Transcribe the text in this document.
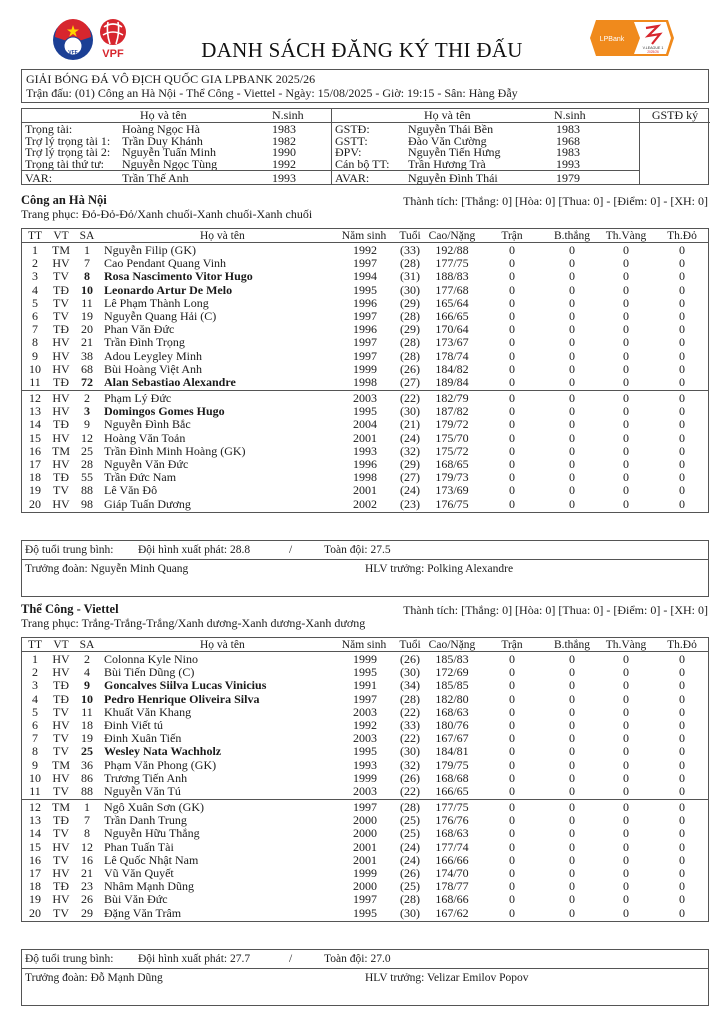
VFF VPF	DANH SÁCH ĐĂNG KÝ THI ĐẤU	LPBank
V.LEAGUE 1
2025/26
GIẢI BÓNG ĐÁ VÔ ĐỊCH QUỐC GIA LPBANK 2025/26
Trận đấu: (01) Công an Hà Nội - Thể Công - Viettel - Ngày: 15/08/2025 - Giờ: 19:15 - Sân: Hàng Đẫy
Họ và tên	N.sinh
Trọng tài:	Hoàng Ngọc Hà	1983
Trợ lý trọng tài 1: Trần Duy Khánh	1982
Trợ lý trọng tài 2: Nguyễn Tuấn Minh	1990
Trọng tài thứ tư: Nguyễn Ngọc Tùng	1992
VAR:	Trần Thế Anh	1993
Họ và tên	N.sinh
GSTĐ:	Nguyễn Thái Bền	1983
GSTT:	Đào Văn Cường	1968
ĐPV:	Nguyễn Tiến Hưng	1983
Cán bộ TT: Trần Hương Trà	1993
AVAR:	Nguyễn Đình Thái	1979
GSTĐ ký
Công an Hà Nội	Thành tích: [Thắng: 0] [Hòa: 0] [Thua: 0] - [Điểm: 0] - [XH: 0]
Trang phục: Đỏ-Đỏ-Đỏ/Xanh chuối-Xanh chuối-Xanh chuối
TT VT SA	Họ và tên	Năm sinh	Tuổi Cao/Nặng	Trận	B.thắng	Th.Vàng	Th.Đỏ
1	TM	1	Nguyễn Filip (GK)	1992	(33)	192/88	0	0	0	0
2	HV	7	Cao Pendant Quang Vinh	1997	(28)	177/75	0	0	0	0
3	TV	8	Rosa Nascimento Vitor Hugo	1994	(31)	188/83	0	0	0	0
4	TĐ	10 Leonardo Artur De Melo	1995	(30)	177/68	0	0	0	0
5	TV	11 Lê Phạm Thành Long	1996	(29)	165/64	0	0	0	0
6	TV	19 Nguyễn Quang Hải (C)	1997	(28)	166/65	0	0	0	0
7	TĐ	20 Phan Văn Đức	1996	(29)	170/64	0	0	0	0
8	HV 21 Trần Đình Trọng	1997	(28)	173/67	0	0	0	0
9	HV 38 Adou Leygley Minh	1997	(28)	178/74	0	0	0	0
10 HV 68 Bùi Hoàng Việt Anh	1999	(26)	184/82	0	0	0	0
11	TĐ	72 Alan Sebastiao Alexandre	1998	(27)	189/84	0	0	0	0
12 HV	2	Phạm Lý Đức	2003	(22)	182/79	0	0	0	0
13 HV	3	Domingos Gomes Hugo	1995	(30)	187/82	0	0	0	0
14	TĐ	9	Nguyễn Đình Bắc	2004	(21)	179/72	0	0	0	0
15 HV 12 Hoàng Văn Toản	2001	(24)	175/70	0	0	0	0
16 TM 25 Trần Đình Minh Hoàng (GK)	1993	(32)	175/72	0	0	0	0
17 HV 28 Nguyễn Văn Đức	1996	(29)	168/65	0	0	0	0
18	TĐ	55 Trần Đức Nam	1998	(27)	179/73	0	0	0	0
19	TV	88 Lê Văn Đô	2001	(24)	173/69	0	0	0	0
20 HV 98 Giáp Tuấn Dương	2002	(23)	176/75	0	0	0	0
Độ tuổi trung bình: Đội hình xuất phát: 28.8	/	Toàn đội: 27.5
Trưởng đoàn: Nguyễn Minh Quang	HLV trưởng: Polking Alexandre
Thể Công - Viettel	Thành tích: [Thắng: 0] [Hòa: 0] [Thua: 0] - [Điểm: 0] - [XH: 0]
Trang phục: Trắng-Trắng-Trắng/Xanh dương-Xanh dương-Xanh dương
TT VT SA	Họ và tên	Năm sinh	Tuổi Cao/Nặng	Trận	B.thắng	Th.Vàng	Th.Đỏ
1	HV	2	Colonna Kyle Nino	1999	(26)	185/83	0	0	0	0
2	HV	4	Bùi Tiến Dũng (C)	1995	(30)	172/69	0	0	0	0
3	TĐ	9	Goncalves Siilva Lucas Vinicius	1991	(34)	185/85	0	0	0	0
4	TĐ	10 Pedro Henrique Oliveira Silva	1997	(28)	182/80	0	0	0	0
5	TV	11 Khuất Văn Khang	2003	(22)	168/63	0	0	0	0
6	HV 18 Đinh Viết tú	1992	(33)	180/76	0	0	0	0
7	TV	19 Đinh Xuân Tiến	2003	(22)	167/67	0	0	0	0
8	TV	25 Wesley Nata Wachholz	1995	(30)	184/81	0	0	0	0
9	TM 36 Phạm Văn Phong (GK)	1993	(32)	179/75	0	0	0	0
10 HV 86 Trương Tiến Anh	1999	(26)	168/68	0	0	0	0
11	TV	88 Nguyễn Văn Tú	2003	(22)	166/65	0	0	0	0
12 TM	1	Ngô Xuân Sơn (GK)	1997	(28)	177/75	0	0	0	0
13	TĐ	7	Trần Danh Trung	2000	(25)	176/76	0	0	0	0
14	TV	8	Nguyễn Hữu Thắng	2000	(25)	168/63	0	0	0	0
15 HV 12 Phan Tuấn Tài	2001	(24)	177/74	0	0	0	0
16	TV	16 Lê Quốc Nhật Nam	2001	(24)	166/66	0	0	0	0
17 HV 21 Vũ Văn Quyết	1999	(26)	174/70	0	0	0	0
18	TĐ	23 Nhâm Mạnh Dũng	2000	(25)	178/77	0	0	0	0
19 HV 26 Bùi Văn Đức	1997	(28)	168/66	0	0	0	0
20	TV	29 Đặng Văn Trâm	1995	(30)	167/62	0	0	0	0
Độ tuổi trung bình: Đội hình xuất phát: 27.7	/	Toàn đội: 27.0
Trưởng đoàn: Đỗ Mạnh Dũng	HLV trưởng: Velizar Emilov Popov
